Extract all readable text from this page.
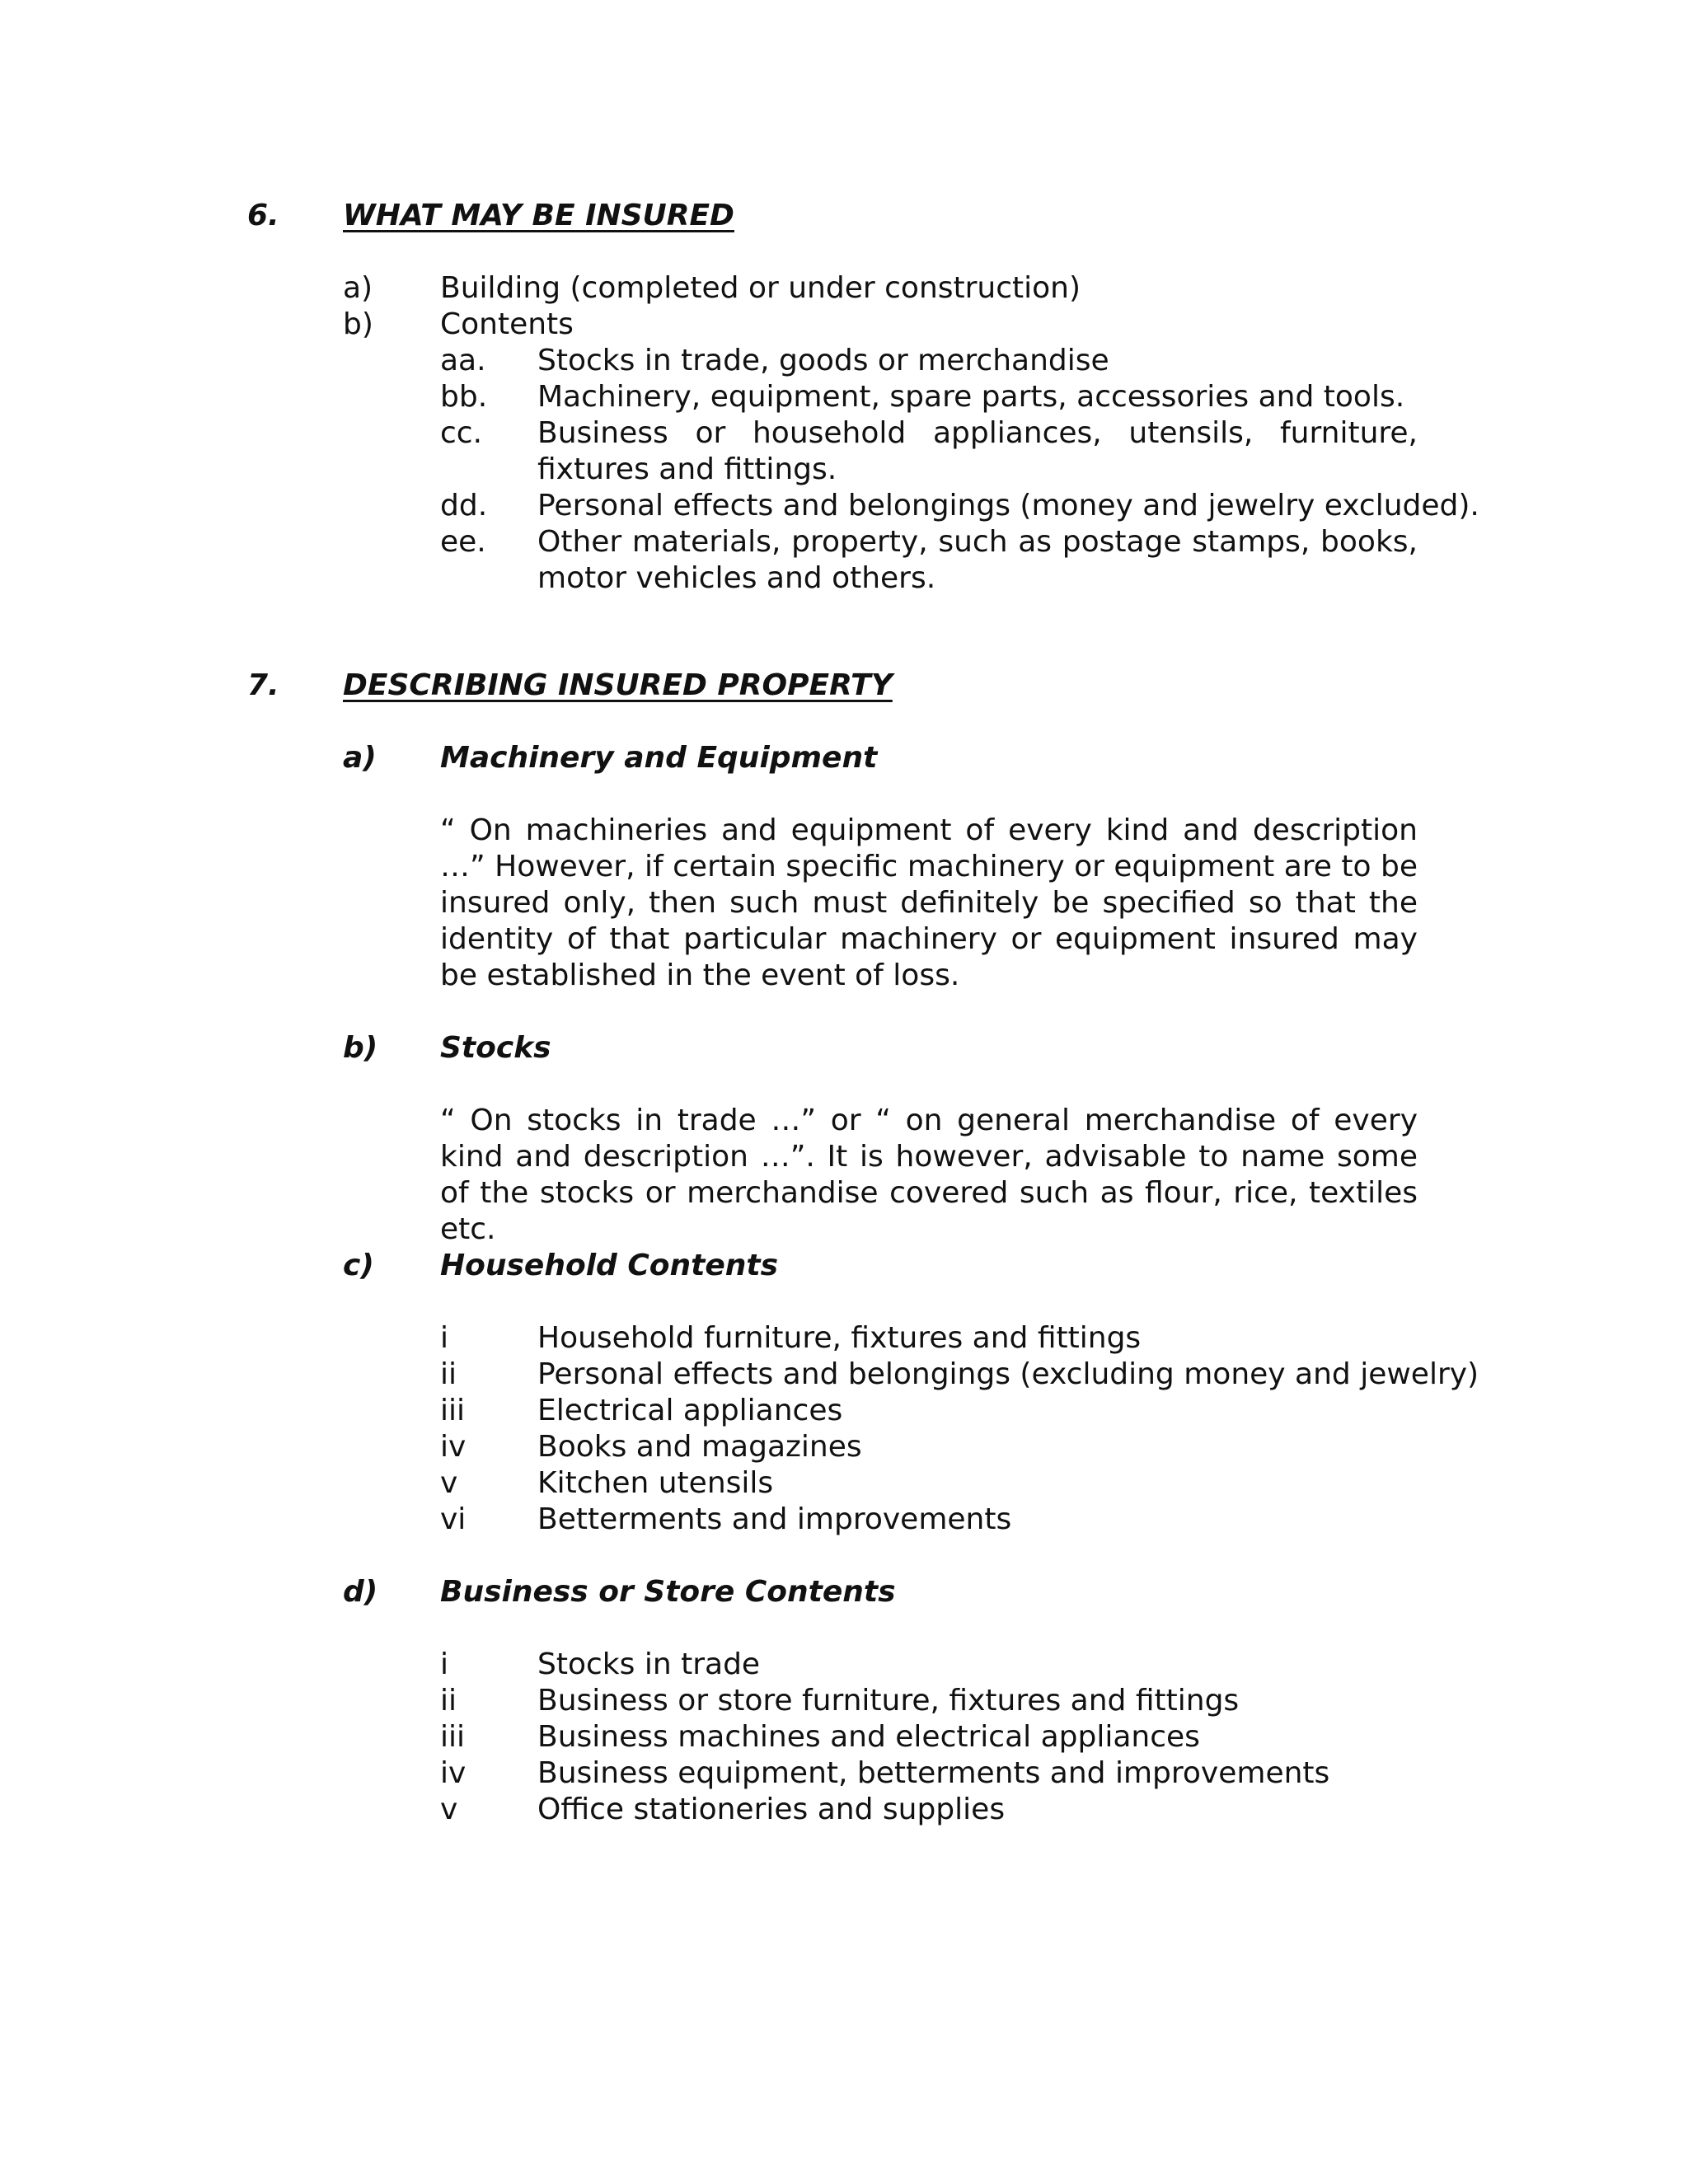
6. WHAT MAY BE INSURED
a) Building (completed or under construction)
b) Contents
aa. Stocks in trade, goods or merchandise
bb. Machinery, equipment, spare parts, accessories and tools.
cc. Business or household appliances, utensils, furniture, fixtures and fittings.
dd. Personal effects and belongings (money and jewelry excluded).
ee. Other materials, property, such as postage stamps, books, motor vehicles and others.
7. DESCRIBING INSURED PROPERTY
a) Machinery and Equipment
“ On machineries and equipment of every kind and description …” However, if certain specific machinery or equipment are to be insured only, then such must definitely be specified so that the identity of that particular machinery or equipment insured may be established in the event of loss.
b) Stocks
“ On stocks in trade …” or “ on general merchandise of every kind and description …”. It is however, advisable to name some of the stocks or merchandise covered such as flour, rice, textiles etc.
c) Household Contents
i	Household furniture, fixtures and fittings
ii	Personal effects and belongings (excluding money and jewelry)
iii Electrical appliances
iv Books and magazines
v	Kitchen utensils
vi Betterments and improvements
d) Business or Store Contents
i	Stocks in trade
ii	Business or store furniture, fixtures and fittings
iii Business machines and electrical appliances
iv Business equipment, betterments and improvements
v	Office stationeries and supplies
